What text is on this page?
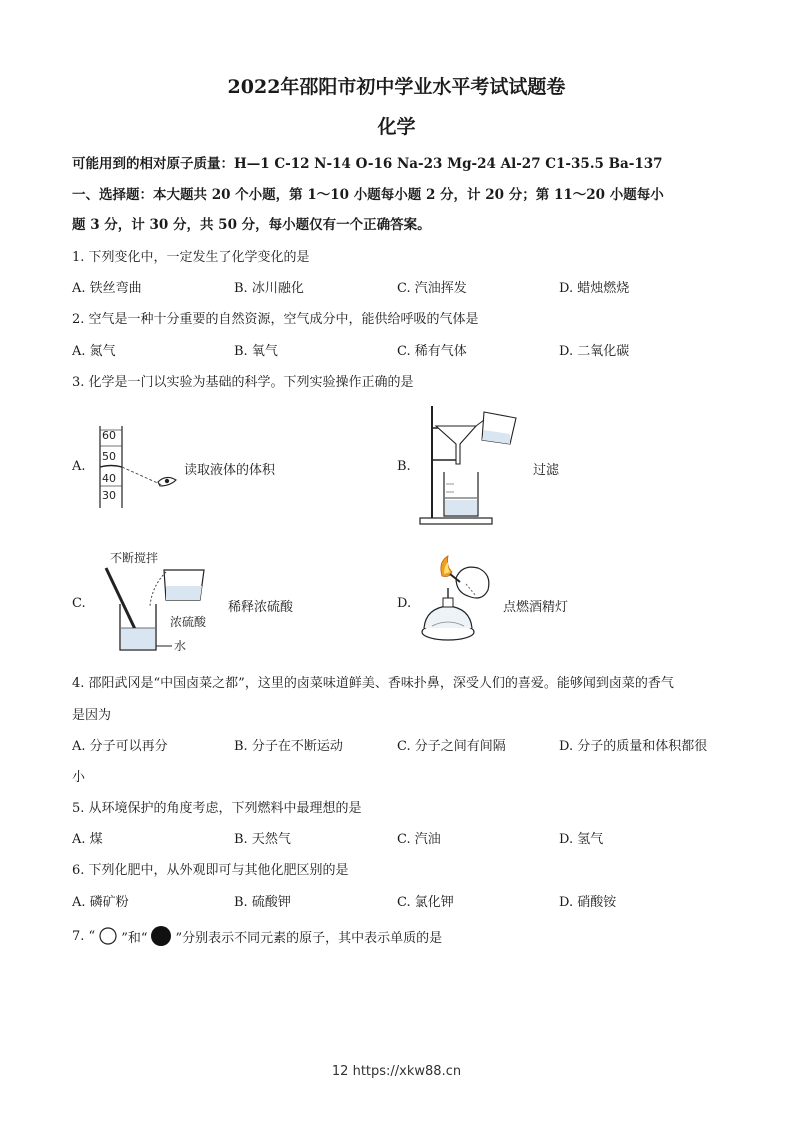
2022年邵阳市初中学业水平考试试题卷
化学
可能用到的相对原子质量：H—1 C-12 N-14 O-16 Na-23 Mg-24 Al-27 C1-35.5 Ba-137
一、选择题：本大题共 20 个小题，第 1～10 小题每小题 2 分，计 20 分；第 11～20 小题每小
题 3 分，计 30 分，共 50 分，每小题仅有一个正确答案。
1. 下列变化中，一定发生了化学变化的是
A. 铁丝弯曲	B. 冰川融化	C. 汽油挥发	D. 蜡烛燃烧
2. 空气是一种十分重要的自然资源，空气成分中，能供给呼吸的气体是
A. 氮气	B. 氧气	C. 稀有气体	D. 二氧化碳
3. 化学是一门以实验为基础的科学。下列实验操作正确的是
A.
60
50
40
30
读取液体的体积	B.	过滤
C.
不断搅拌
浓硫酸
水
稀释浓硫酸	D.	点燃酒精灯
4. 邵阳武冈是“中国卤菜之都”，这里的卤菜味道鲜美、香味扑鼻，深受人们的喜爱。能够闻到卤菜的香气
是因为
A. 分子可以再分	B. 分子在不断运动	C. 分子之间有间隔	D. 分子的质量和体积都很
小
5. 从环境保护的角度考虑，下列燃料中最理想的是
A. 煤	B. 天然气	C. 汽油	D. 氢气
6. 下列化肥中，从外观即可与其他化肥区别的是
A. 磷矿粉	B. 硫酸钾	C. 氯化钾	D. 硝酸铵
7. “ ”和“ ”分别表示不同元素的原子，其中表示单质的是
12 https://xkw88.cn
